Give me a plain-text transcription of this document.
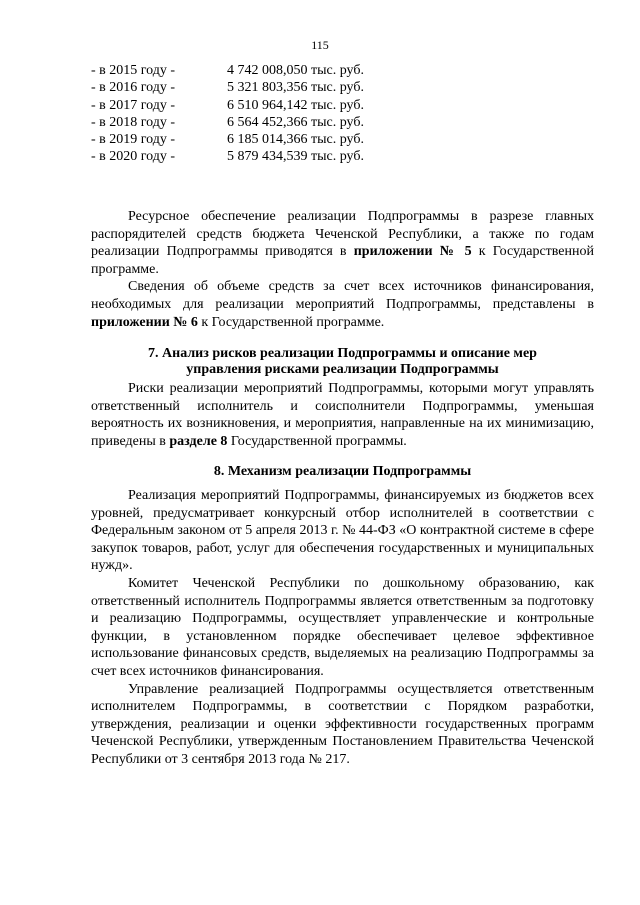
115
- в 2015 году -	4 742 008,050 тыс. руб.
- в 2016 году -	5 321 803,356 тыс. руб.
- в 2017 году -	6 510 964,142 тыс. руб.
- в 2018 году -	6 564 452,366 тыс. руб.
- в 2019 году -	6 185 014,366 тыс. руб.
- в 2020 году -	5 879 434,539 тыс. руб.

Ресурсное обеспечение реализации Подпрограммы в разрезе главных распорядителей средств бюджета Чеченской Республики, а также по годам реализации Подпрограммы приводятся в приложении № 5 к Государственной программе.

Сведения об объеме средств за счет всех источников финансирования, необходимых для реализации мероприятий Подпрограммы, представлены в приложении № 6 к Государственной программе.

7. Анализ рисков реализации Подпрограммы и описание мер
управления рисками реализации Подпрограммы

Риски реализации мероприятий Подпрограммы, которыми могут управлять ответственный исполнитель и соисполнители Подпрограммы, уменьшая вероятность их возникновения, и мероприятия, направленные на их минимизацию, приведены в разделе 8 Государственной программы.

8. Механизм реализации Подпрограммы

Реализация мероприятий Подпрограммы, финансируемых из бюджетов всех уровней, предусматривает конкурсный отбор исполнителей в соответствии с Федеральным законом от 5 апреля 2013 г. № 44-ФЗ «О контрактной системе в сфере закупок товаров, работ, услуг для обеспечения государственных и муниципальных нужд».

Комитет Чеченской Республики по дошкольному образованию, как ответственный исполнитель Подпрограммы является ответственным за подготовку и реализацию Подпрограммы, осуществляет управленческие и контрольные функции, в установленном порядке обеспечивает целевое эффективное использование финансовых средств, выделяемых на реализацию Подпрограммы за счет всех источников финансирования.

Управление реализацией Подпрограммы осуществляется ответственным исполнителем Подпрограммы, в соответствии с Порядком разработки, утверждения, реализации и оценки эффективности государственных программ Чеченской Республики, утвержденным Постановлением Правительства Чеченской Республики от 3 сентября 2013 года № 217.
